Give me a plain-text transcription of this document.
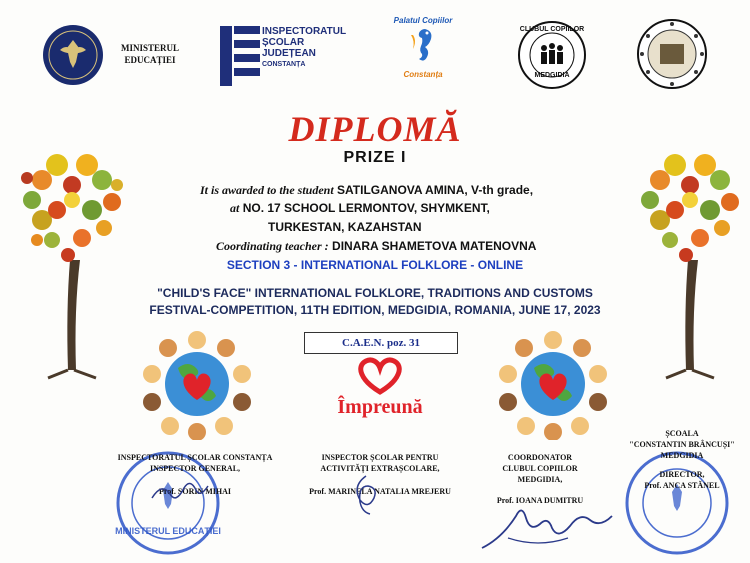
MINISTERUL
EDUCAȚIEI
INSPECTORATUL
ȘCOLAR
JUDEȚEAN
CONSTANȚA
Palatul Copiilor
Constanța
CLUBUL COPIILOR
MEDGIDIA
DIPLOMĂ
PRIZE I
It is awarded to the student SATILGANOVA AMINA, V-th grade,
at NO. 17 SCHOOL LERMONTOV, SHYMKENT,
TURKESTAN, KAZAHSTAN
Coordinating teacher : DINARA SHAMETOVA MATENOVNA
SECTION 3 - INTERNATIONAL FOLKLORE - ONLINE
"CHILD'S FACE" INTERNATIONAL FOLKLORE, TRADITIONS AND CUSTOMS
FESTIVAL-COMPETITION, 11TH EDITION, MEDGIDIA, ROMANIA, JUNE 17, 2023
C.A.E.N. poz. 31
Împreună
MINISTERUL EDUCAȚIEI
INSPECTORATUL ȘCOLAR CONSTANȚA
INSPECTOR GENERAL,
Prof. SORIN MIHAI
INSPECTOR ȘCOLAR PENTRU
ACTIVITĂȚI EXTRAȘCOLARE,
Prof. MARINELA NATALIA MREJERU
COORDONATOR
CLUBUL COPIILOR
MEDGIDIA,
Prof. IOANA DUMITRU
ȘCOALA
"CONSTANTIN BRÂNCUȘI"
MEDGIDIA
DIRECTOR,
Prof. ANCA STĂNEL
